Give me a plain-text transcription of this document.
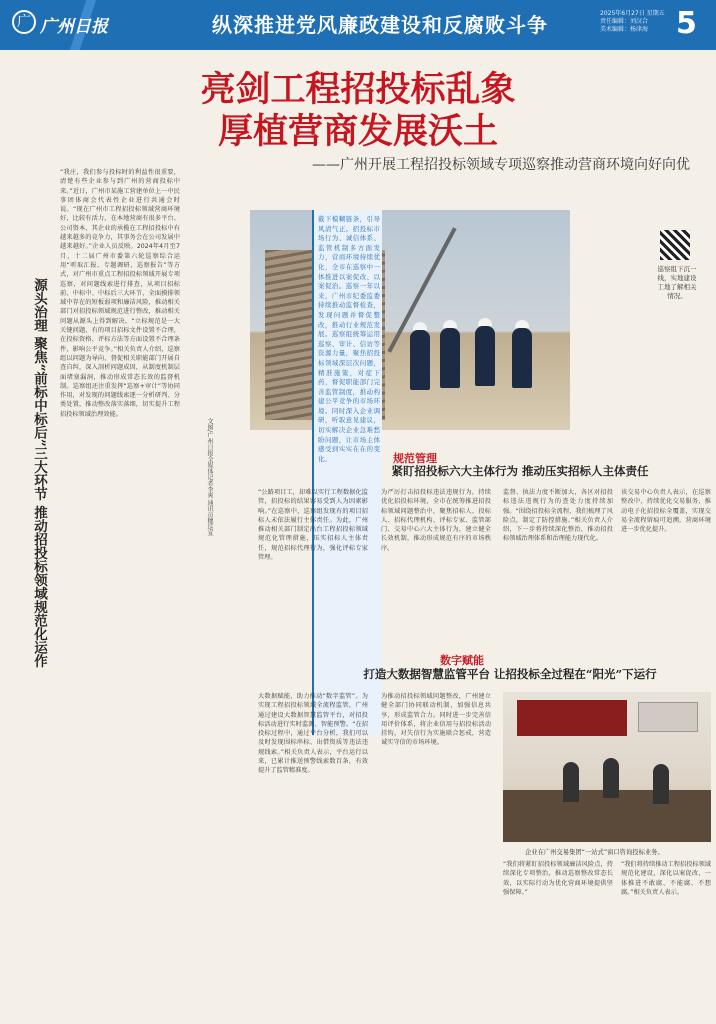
广 广州日报	纵深推进党风廉政建设和反腐败斗争	2025年6月27日 星期五
责任编辑：刘汉合
美术编辑：杨津海 5
亮剑工程招投标乱象
厚植营商发展沃土
——广州开展工程招投标领域专项巡察推动营商环境向好向优
源头治理 聚焦“前标中标后”三大环节 推动招投标领域规范化运作
“我庄，我们参与投标时的利益性很重要，清楚有些企业参与到广州的营商投标中来。”近日，广州市某施工营建单位上一中民事团体商会代表性企业进行共通会时说。“现在广州市工程招投标领域营商环境好，比较有活力，在本地营商有很多平台、公司资本，其企业的承揽在工程招投标中有越来越多的竞争力，其事务会在公司发展中越来越好。”企业人员反映。2024年4月至7月，十二届广州市委第六轮巡察综合运用“听取汇报、专题调研、巡察报告”等方式，对广州市重点工程招投标领域开展专项巡察，对问题线索进行排查，从项目招标前、中标中、中标后三大环节，全面摸排领域中存在的短板弱项和廉洁风险，推动相关部门对招投标领域规范进行整改，推动相关问题从源头上得到解决。“立标规范是一大关键问题，有的项目招标文件设置不合理，在投标资格、评标方法等方面设置不合理条件，影响公平竞争。”相关负责人介绍，巡察组以问题为导向，督促相关职能部门开展自查自纠，深入剖析问题成因，从制度机制层面堵塞漏洞，推动形成常态长效的监督机制。巡察组还注重发挥“巡察+审计”等协同作用，对发现的问题线索逐一分析研判、分类处置，推动整改落实落细，切实提升工程招投标领域治理效能。
文图/广州日报全媒体记者李爽 通讯员穗巡宣
截下模糊链条，引导风清气正。招投标市场行为、诚信体系、监管机制多方面发力，营商环境持续优化，全市在巡察中一体推进以案促改、以案促治。巡察一年以来，广州市纪委监委持续推动监督检查，发现问题并督促整改，推动行业规范发展。巡察组统筹运用巡察、审计、信访等资源力量，聚焦招投标领域深层次问题，精准施策，对症下药，督促职能部门完善监管制度，推动构建公平竞争的市场环境。同时深入企业调研，听取意见建议，切实解决企业急难愁盼问题，让市场主体感受到实实在在的变化。
巡察组下沉一线，实地建设工地了解相关情况。
规范管理
紧盯招投标六大主体行为 推动压实招标人主体责任
“公路项目工，却难以实行工程数据化监管，招投标的结果容易受到人为因素影响。”在巡察中，巡察组发现有的项目招标人未依法履行主体责任。为此，广州推动相关部门制定出台工程招投标领域规范化管理措施，压实招标人主体责任，规范招标代理行为，强化评标专家管理。
为严厉打击招投标违法违规行为，持续优化招投标环境，全市在统筹推进招投标领域问题整治中，聚焦招标人、投标人、招标代理机构、评标专家、监管部门、交易中心六大主体行为，建立健全长效机制，推动形成规范有序的市场秩序。
监督、执法力度不断加大，各区对招投标违法违规行为的查处力度持续加强。“围绕招投标全流程，我们梳理了风险点，制定了防控措施。”相关负责人介绍，下一步将持续深化整治，推动招投标领域治理体系和治理能力现代化。
该交易中心负责人表示，在巡察整改中，持续优化交易服务，推动电子化招投标全覆盖，实现交易全流程留痕可追溯，营商环境进一步优化提升。
数字赋能
打造大数据智慧监管平台 让招投标全过程在“阳光”下运行
大数据赋能，助力推动“数字监管”。为实现工程招投标领域全流程监管，广州通过建设大数据智慧监管平台，对招投标活动进行实时监测、智能预警。“在招投标过程中，通过平台分析，我们可以及时发现围标串标、出借资质等违法违规线索。”相关负责人表示，平台运行以来，已累计推送预警线索数百条，有效提升了监管精准度。
为推动招投标领域问题整改，广州建立健全部门协同联动机制，加强信息共享，形成监管合力。同时进一步完善信用评价体系，将企业信用与招投标活动挂钩，对失信行为实施联合惩戒，营造诚实守信的市场环境。
企业在广州交易集团“一站式”窗口咨询投标业务。
“我们将紧盯招投标领域廉洁风险点，持续深化专项整治，推动巡察整改常态长效，以实际行动为优化营商环境提供坚强保障。”
“我们将持续推动工程招投标领域规范化建设，深化以案促改，一体推进不敢腐、不能腐、不想腐。”相关负责人表示。
